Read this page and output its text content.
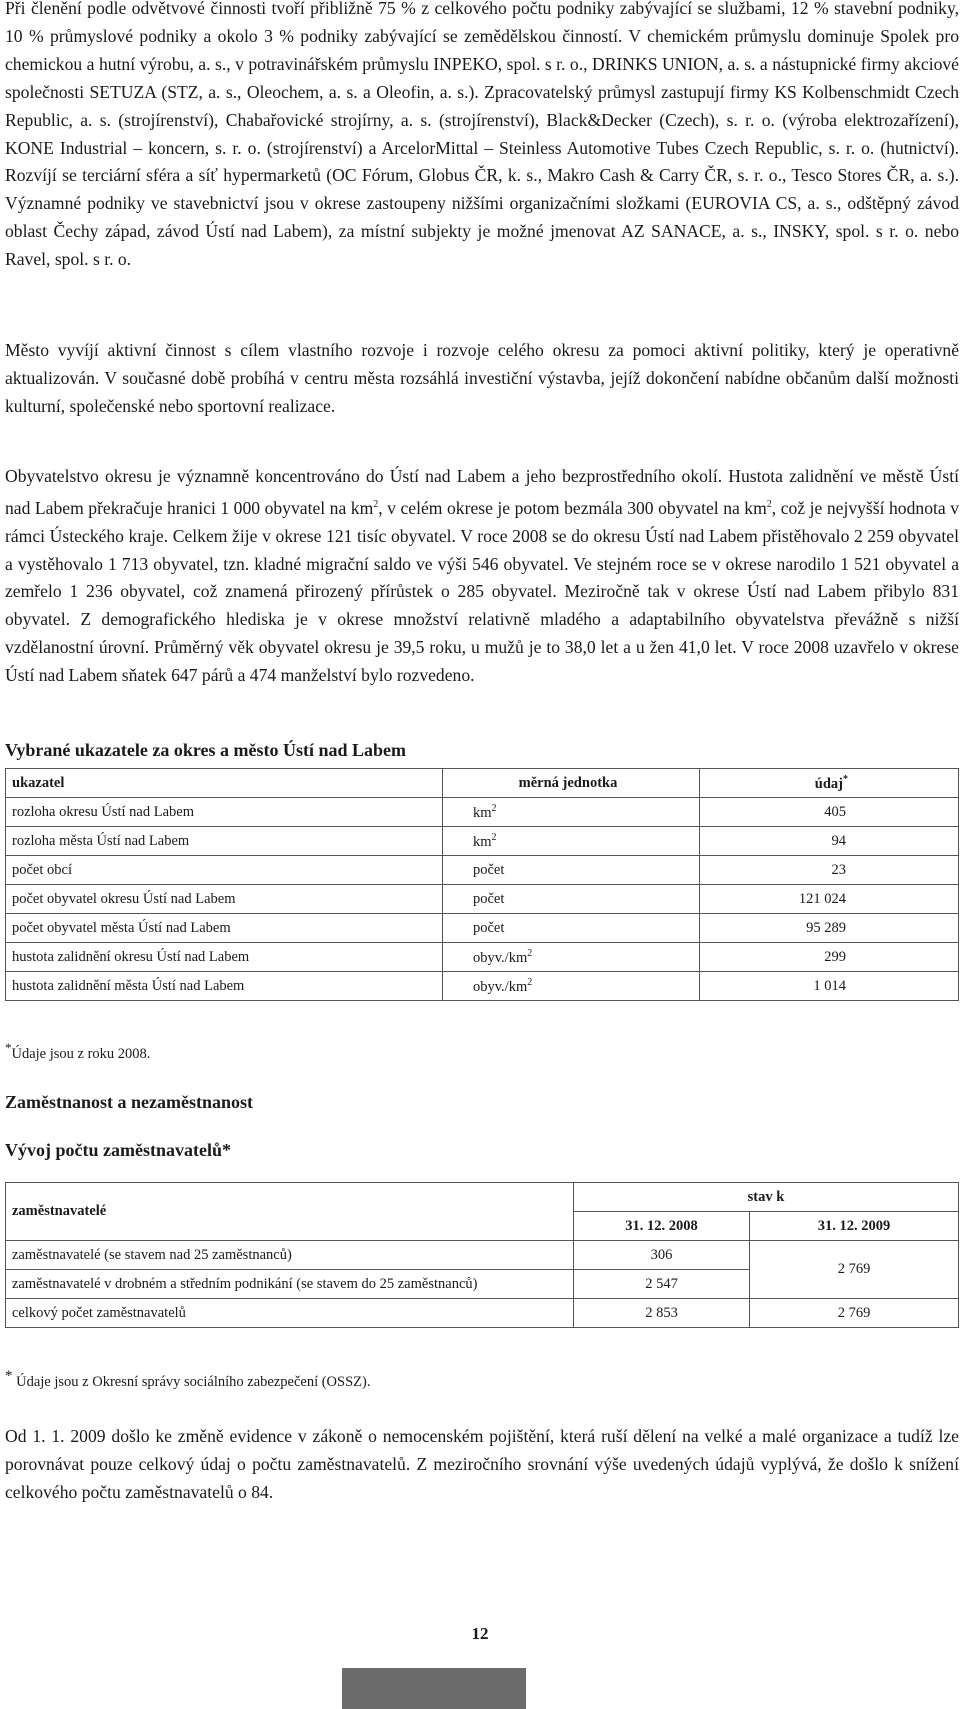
Při členění podle odvětvové činnosti tvoří přibližně 75 % z celkového počtu podniky zabývající se službami, 12 % stavební podniky, 10 % průmyslové podniky a okolo 3 % podniky zabývající se zemědělskou činností. V chemickém průmyslu dominuje Spolek pro chemickou a hutní výrobu, a. s., v potravinářském průmyslu INPEKO, spol. s r. o., DRINKS UNION, a. s. a nástupnické firmy akciové společnosti SETUZA (STZ, a. s., Oleochem, a. s. a Oleofin, a. s.). Zpracovatelský průmysl zastupují firmy KS Kolbenschmidt Czech Republic, a. s. (strojírenství), Chabařovické strojírny, a. s. (strojírenství), Black&Decker (Czech), s. r. o. (výroba elektrozařízení), KONE Industrial – koncern, s. r. o. (strojírenství) a ArcelorMittal – Steinless Automotive Tubes Czech Republic, s. r. o. (hutnictví). Rozvíjí se terciární sféra a síť hypermarketů (OC Fórum, Globus ČR, k. s., Makro Cash & Carry ČR, s. r. o., Tesco Stores ČR, a. s.). Významné podniky ve stavebnictví jsou v okrese zastoupeny nižšími organizačními složkami (EUROVIA CS, a. s., odštěpný závod oblast Čechy západ, závod Ústí nad Labem), za místní subjekty je možné jmenovat AZ SANACE, a. s., INSKY, spol. s r. o. nebo Ravel, spol. s r. o.

Město vyvíjí aktivní činnost s cílem vlastního rozvoje i rozvoje celého okresu za pomoci aktivní politiky, který je operativně aktualizován. V současné době probíhá v centru města rozsáhlá investiční výstavba, jejíž dokončení nabídne občanům další možnosti kulturní, společenské nebo sportovní realizace.

Obyvatelstvo okresu je významně koncentrováno do Ústí nad Labem a jeho bezprostředního okolí. Hustota zalidnění ve městě Ústí nad Labem překračuje hranici 1 000 obyvatel na $km^2$, v celém okrese je potom bezmála 300 obyvatel na $km^2$, což je nejvyšší hodnota v rámci Ústeckého kraje. Celkem žije v okrese 121 tisíc obyvatel. V roce 2008 se do okresu Ústí nad Labem přistěhovalo 2 259 obyvatel a vystěhovalo 1 713 obyvatel, tzn. kladné migrační saldo ve výši 546 obyvatel. Ve stejném roce se v okrese narodilo 1 521 obyvatel a zemřelo 1 236 obyvatel, což znamená přirozený přírůstek o 285 obyvatel. Meziročně tak v okrese Ústí nad Labem přibylo 831 obyvatel. Z demografického hlediska je v okrese množství relativně mladého a adaptabilního obyvatelstva převážně s nižší vzdělanostní úrovní. Průměrný věk obyvatel okresu je 39,5 roku, u mužů je to 38,0 let a u žen 41,0 let. V roce 2008 uzavřelo v okrese Ústí nad Labem sňatek 647 párů a 474 manželství bylo rozvedeno.

Vybrané ukazatele za okres a město Ústí nad Labem
ukazatel	měrná jednotka	údaj*
rozloha okresu Ústí nad Labem	$km^2$	405
rozloha města Ústí nad Labem	$km^2$	94
počet obcí	počet	23
počet obyvatel okresu Ústí nad Labem	počet	121 024
počet obyvatel města Ústí nad Labem	počet	95 289
hustota zalidnění okresu Ústí nad Labem	$obyv./km^2$	299
hustota zalidnění města Ústí nad Labem	$obyv./km^2$	1 014
*Údaje jsou z roku 2008.
Zaměstnanost a nezaměstnanost
Vývoj počtu zaměstnavatelů*
zaměstnavatelé	stav k	
	31. 12. 2008	31. 12. 2009
zaměstnavatelé (se stavem nad 25 zaměstnanců)	306	2 769
zaměstnavatelé v drobném a středním podnikání (se stavem do 25 zaměstnanců)	2 547	
celkový počet zaměstnavatelů	2 853	2 769
* Údaje jsou z Okresní správy sociálního zabezpečení (OSSZ).

Od 1. 1. 2009 došlo ke změně evidence v zákoně o nemocenském pojištění, která ruší dělení na velké a malé organizace a tudíž lze porovnávat pouze celkový údaj o počtu zaměstnavatelů. Z meziročního srovnání výše uvedených údajů vyplývá, že došlo k snížení celkového počtu zaměstnavatelů o 84.

12
